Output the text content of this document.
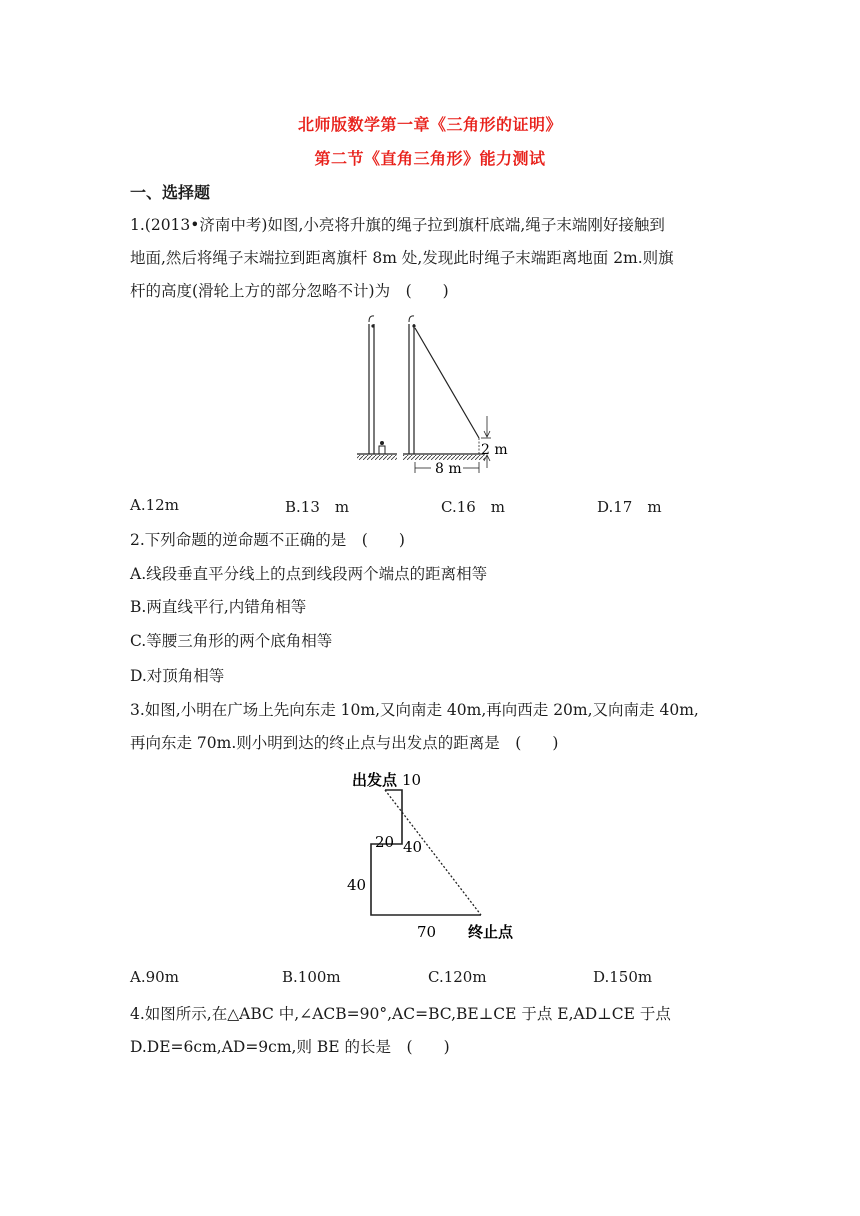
北师版数学第一章《三角形的证明》
第二节《直角三角形》能力测试
一、选择题
1.(2013•济南中考)如图,小亮将升旗的绳子拉到旗杆底端,绳子末端刚好接触到
地面,然后将绳子末端拉到距离旗杆 8m 处,发现此时绳子末端距离地面 2m.则旗
杆的高度(滑轮上方的部分忽略不计)为　(　　)
2 m
8 m
A.12m	B.13　m	C.16　m	D.17　m
2.下列命题的逆命题不正确的是　(　　)
A.线段垂直平分线上的点到线段两个端点的距离相等
B.两直线平行,内错角相等
C.等腰三角形的两个底角相等
D.对顶角相等
3.如图,小明在广场上先向东走 10m,又向南走 40m,再向西走 20m,又向南走 40m,
再向东走 70m.则小明到达的终止点与出发点的距离是　(　　)
出发点 10
40
20
40
70 终止点
A.90m	B.100m	C.120m	D.150m
4.如图所示,在△ABC 中,∠ACB=90°,AC=BC,BE⊥CE 于点 E,AD⊥CE 于点
D.DE=6cm,AD=9cm,则 BE 的长是　(　　)
